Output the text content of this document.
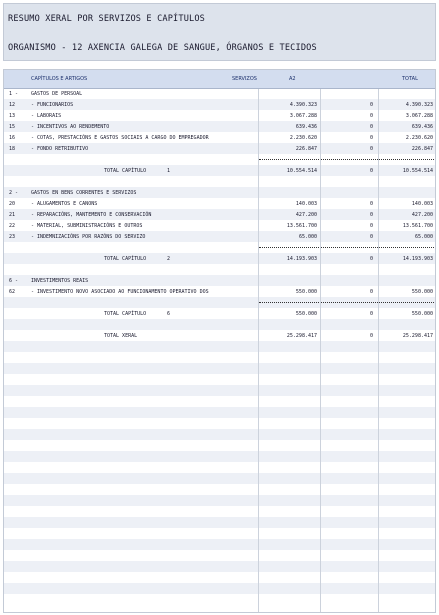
RESUMO XERAL POR SERVIZOS E CAPÍTULOS
ORGANISMO - 12 AXENCIA GALEGA DE SANGUE, ÓRGANOS E TECIDOS
CAPÍTULOS E ARTIGOS	SERVIZOS	A2	TOTAL
1 -	GASTOS DE PERSOAL
12	- FUNCIONARIOS	4.390.323	0	4.390.323
13	- LABORAIS	3.067.288	0	3.067.288
15	- INCENTIVOS AO RENDEMENTO	639.436	0	639.436
16	- COTAS, PRESTACIÓNS E GASTOS SOCIAIS A CARGO DO EMPREGADOR	2.230.620	0	2.230.620
18	- FONDO RETRIBUTIVO	226.847	0	226.847
TOTAL CAPÍTULO	1	10.554.514	0	10.554.514
2 -	GASTOS EN BENS CORRENTES E SERVIZOS
20	- ALUGAMENTOS E CANONS	140.003	0	140.003
21	- REPARACIÓNS, MANTEMENTO E CONSERVACIÓN	427.200	0	427.200
22	- MATERIAL, SUBMINISTRACIÓNS E OUTROS	13.561.700	0	13.561.700
23	- INDEMNIZACIÓNS POR RAZÓNS DO SERVIZO	65.000	0	65.000
TOTAL CAPÍTULO	2	14.193.903	0	14.193.903
6 -	INVESTIMENTOS REAIS
62	- INVESTIMENTO NOVO ASOCIADO AO FUNCIONAMENTO OPERATIVO DOS	550.000	0	550.000
TOTAL CAPÍTULO	6	550.000	0	550.000
TOTAL XERAL	25.298.417	0	25.298.417
